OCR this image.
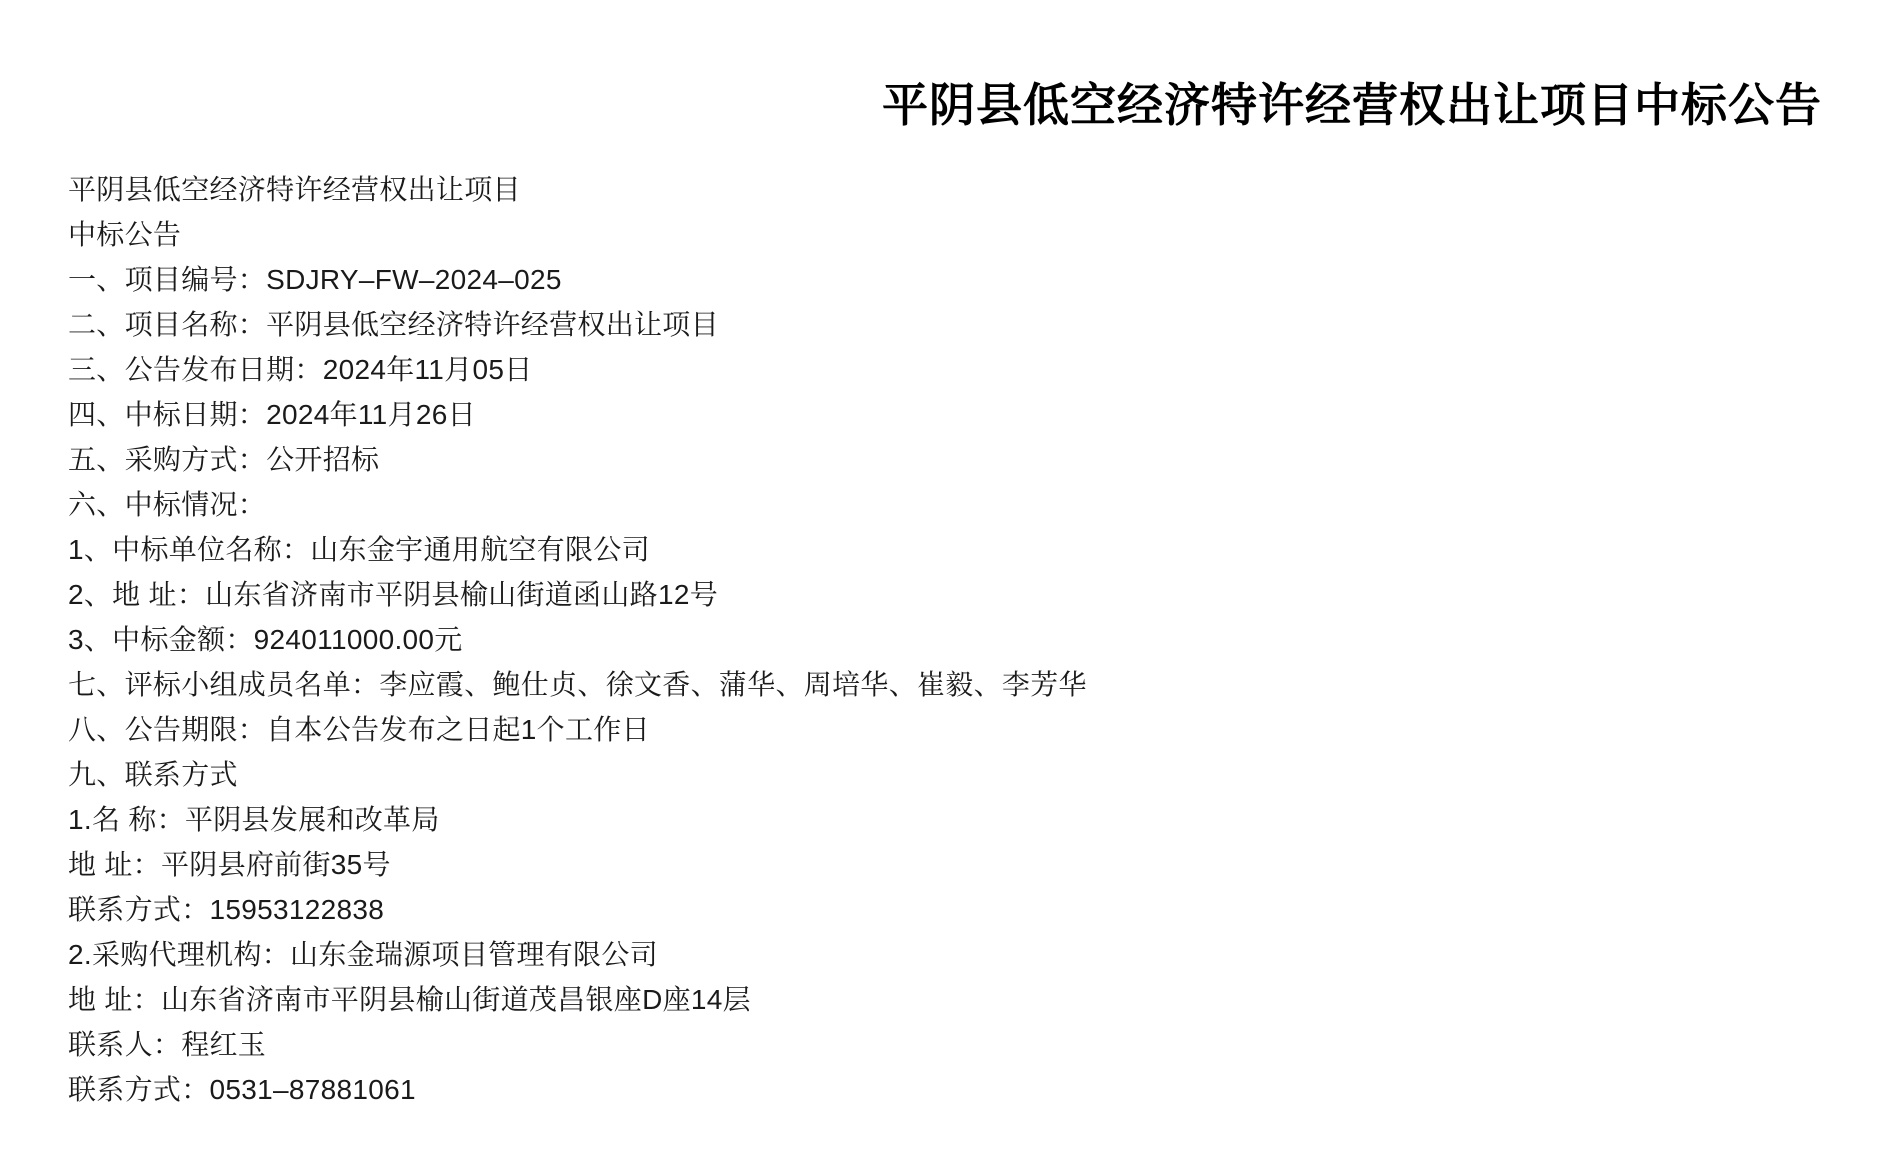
平阴县低空经济特许经营权出让项目中标公告
平阴县低空经济特许经营权出让项目
中标公告
一、项目编号：SDJRY–FW–2024–025
二、项目名称：平阴县低空经济特许经营权出让项目
三、公告发布日期：2024年11月05日
四、中标日期：2024年11月26日
五、采购方式：公开招标
六、中标情况：
1、中标单位名称：山东金宇通用航空有限公司
2、地 址：山东省济南市平阴县榆山街道函山路12号
3、中标金额：924011000.00元
七、评标小组成员名单：李应霞、鲍仕贞、徐文香、蒲华、周培华、崔毅、李芳华
八、公告期限：自本公告发布之日起1个工作日
九、联系方式
1.名 称：平阴县发展和改革局
地 址：平阴县府前街35号
联系方式：15953122838
2.采购代理机构：山东金瑞源项目管理有限公司
地 址：山东省济南市平阴县榆山街道茂昌银座D座14层
联系人：程红玉
联系方式：0531–87881061
